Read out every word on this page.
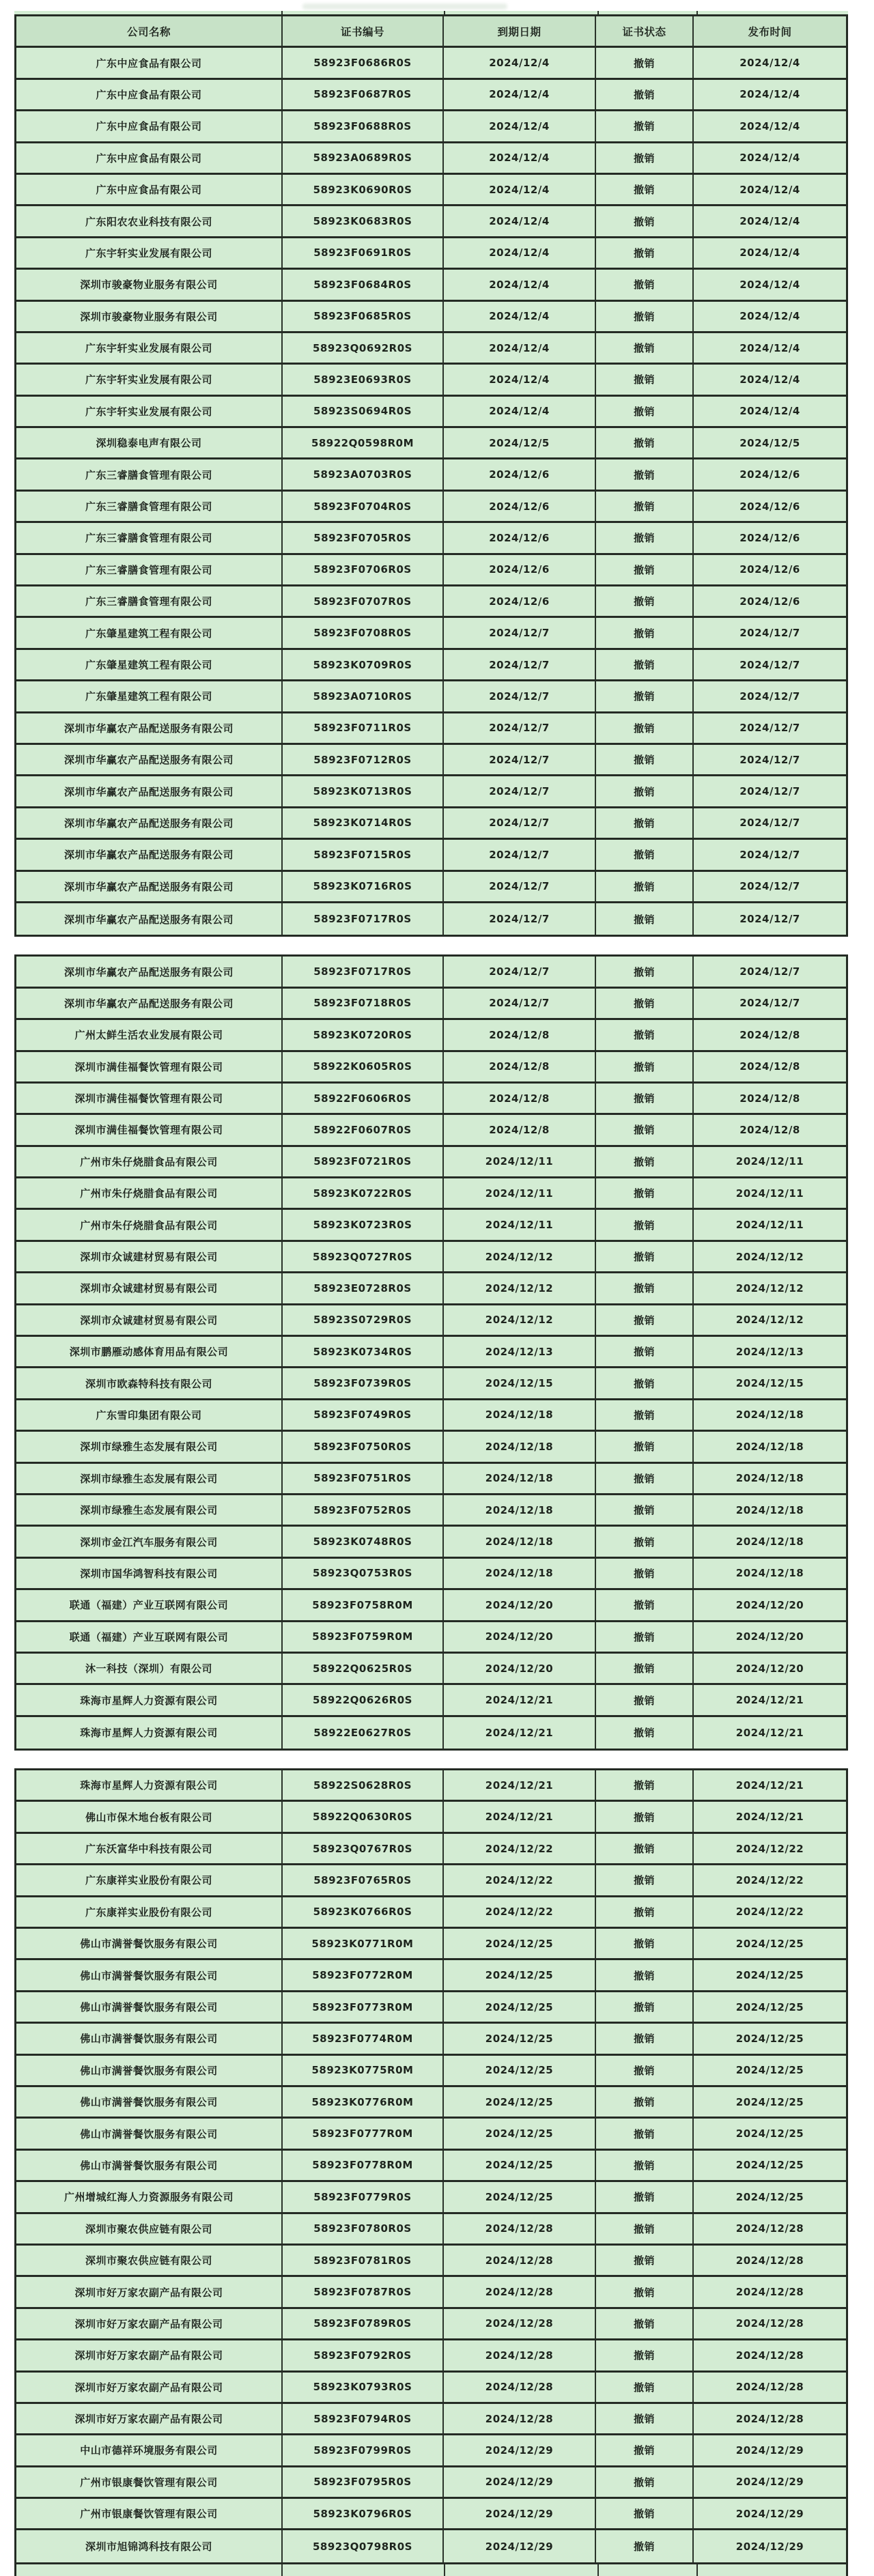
公司名称	证书编号	到期日期	证书状态	发布时间
广东中应食品有限公司	58923F0686R0S	2024/12/4	撤销	2024/12/4
广东中应食品有限公司	58923F0687R0S	2024/12/4	撤销	2024/12/4
广东中应食品有限公司	58923F0688R0S	2024/12/4	撤销	2024/12/4
广东中应食品有限公司	58923A0689R0S	2024/12/4	撤销	2024/12/4
广东中应食品有限公司	58923K0690R0S	2024/12/4	撤销	2024/12/4
广东阳农农业科技有限公司	58923K0683R0S	2024/12/4	撤销	2024/12/4
广东宇轩实业发展有限公司	58923F0691R0S	2024/12/4	撤销	2024/12/4
深圳市骏豪物业服务有限公司	58923F0684R0S	2024/12/4	撤销	2024/12/4
深圳市骏豪物业服务有限公司	58923F0685R0S	2024/12/4	撤销	2024/12/4
广东宇轩实业发展有限公司	58923Q0692R0S	2024/12/4	撤销	2024/12/4
广东宇轩实业发展有限公司	58923E0693R0S	2024/12/4	撤销	2024/12/4
广东宇轩实业发展有限公司	58923S0694R0S	2024/12/4	撤销	2024/12/4
深圳稳泰电声有限公司	58922Q0598R0M	2024/12/5	撤销	2024/12/5
广东三睿膳食管理有限公司	58923A0703R0S	2024/12/6	撤销	2024/12/6
广东三睿膳食管理有限公司	58923F0704R0S	2024/12/6	撤销	2024/12/6
广东三睿膳食管理有限公司	58923F0705R0S	2024/12/6	撤销	2024/12/6
广东三睿膳食管理有限公司	58923F0706R0S	2024/12/6	撤销	2024/12/6
广东三睿膳食管理有限公司	58923F0707R0S	2024/12/6	撤销	2024/12/6
广东肇星建筑工程有限公司	58923F0708R0S	2024/12/7	撤销	2024/12/7
广东肇星建筑工程有限公司	58923K0709R0S	2024/12/7	撤销	2024/12/7
广东肇星建筑工程有限公司	58923A0710R0S	2024/12/7	撤销	2024/12/7
深圳市华赢农产品配送服务有限公司	58923F0711R0S	2024/12/7	撤销	2024/12/7
深圳市华赢农产品配送服务有限公司	58923F0712R0S	2024/12/7	撤销	2024/12/7
深圳市华赢农产品配送服务有限公司	58923K0713R0S	2024/12/7	撤销	2024/12/7
深圳市华赢农产品配送服务有限公司	58923K0714R0S	2024/12/7	撤销	2024/12/7
深圳市华赢农产品配送服务有限公司	58923F0715R0S	2024/12/7	撤销	2024/12/7
深圳市华赢农产品配送服务有限公司	58923K0716R0S	2024/12/7	撤销	2024/12/7
深圳市华赢农产品配送服务有限公司	58923F0717R0S	2024/12/7	撤销	2024/12/7
深圳市华赢农产品配送服务有限公司	58923F0717R0S	2024/12/7	撤销	2024/12/7
深圳市华赢农产品配送服务有限公司	58923F0718R0S	2024/12/7	撤销	2024/12/7
广州太鲜生活农业发展有限公司	58923K0720R0S	2024/12/8	撤销	2024/12/8
深圳市满佳福餐饮管理有限公司	58922K0605R0S	2024/12/8	撤销	2024/12/8
深圳市满佳福餐饮管理有限公司	58922F0606R0S	2024/12/8	撤销	2024/12/8
深圳市满佳福餐饮管理有限公司	58922F0607R0S	2024/12/8	撤销	2024/12/8
广州市朱仔烧腊食品有限公司	58923F0721R0S	2024/12/11	撤销	2024/12/11
广州市朱仔烧腊食品有限公司	58923K0722R0S	2024/12/11	撤销	2024/12/11
广州市朱仔烧腊食品有限公司	58923K0723R0S	2024/12/11	撤销	2024/12/11
深圳市众诚建材贸易有限公司	58923Q0727R0S	2024/12/12	撤销	2024/12/12
深圳市众诚建材贸易有限公司	58923E0728R0S	2024/12/12	撤销	2024/12/12
深圳市众诚建材贸易有限公司	58923S0729R0S	2024/12/12	撤销	2024/12/12
深圳市鹏雁动感体育用品有限公司	58923K0734R0S	2024/12/13	撤销	2024/12/13
深圳市欧森特科技有限公司	58923F0739R0S	2024/12/15	撤销	2024/12/15
广东雪印集团有限公司	58923F0749R0S	2024/12/18	撤销	2024/12/18
深圳市绿雅生态发展有限公司	58923F0750R0S	2024/12/18	撤销	2024/12/18
深圳市绿雅生态发展有限公司	58923F0751R0S	2024/12/18	撤销	2024/12/18
深圳市绿雅生态发展有限公司	58923F0752R0S	2024/12/18	撤销	2024/12/18
深圳市金江汽车服务有限公司	58923K0748R0S	2024/12/18	撤销	2024/12/18
深圳市国华鸿智科技有限公司	58923Q0753R0S	2024/12/18	撤销	2024/12/18
联通（福建）产业互联网有限公司	58923F0758R0M	2024/12/20	撤销	2024/12/20
联通（福建）产业互联网有限公司	58923F0759R0M	2024/12/20	撤销	2024/12/20
沐一科技（深圳）有限公司	58922Q0625R0S	2024/12/20	撤销	2024/12/20
珠海市星辉人力资源有限公司	58922Q0626R0S	2024/12/21	撤销	2024/12/21
珠海市星辉人力资源有限公司	58922E0627R0S	2024/12/21	撤销	2024/12/21
珠海市星辉人力资源有限公司	58922S0628R0S	2024/12/21	撤销	2024/12/21
佛山市保木地台板有限公司	58922Q0630R0S	2024/12/21	撤销	2024/12/21
广东沃富华中科技有限公司	58923Q0767R0S	2024/12/22	撤销	2024/12/22
广东康祥实业股份有限公司	58923F0765R0S	2024/12/22	撤销	2024/12/22
广东康祥实业股份有限公司	58923K0766R0S	2024/12/22	撤销	2024/12/22
佛山市满誉餐饮服务有限公司	58923K0771R0M	2024/12/25	撤销	2024/12/25
佛山市满誉餐饮服务有限公司	58923F0772R0M	2024/12/25	撤销	2024/12/25
佛山市满誉餐饮服务有限公司	58923F0773R0M	2024/12/25	撤销	2024/12/25
佛山市满誉餐饮服务有限公司	58923F0774R0M	2024/12/25	撤销	2024/12/25
佛山市满誉餐饮服务有限公司	58923K0775R0M	2024/12/25	撤销	2024/12/25
佛山市满誉餐饮服务有限公司	58923K0776R0M	2024/12/25	撤销	2024/12/25
佛山市满誉餐饮服务有限公司	58923F0777R0M	2024/12/25	撤销	2024/12/25
佛山市满誉餐饮服务有限公司	58923F0778R0M	2024/12/25	撤销	2024/12/25
广州增城红海人力资源服务有限公司	58923F0779R0S	2024/12/25	撤销	2024/12/25
深圳市聚农供应链有限公司	58923F0780R0S	2024/12/28	撤销	2024/12/28
深圳市聚农供应链有限公司	58923F0781R0S	2024/12/28	撤销	2024/12/28
深圳市好万家农副产品有限公司	58923F0787R0S	2024/12/28	撤销	2024/12/28
深圳市好万家农副产品有限公司	58923F0789R0S	2024/12/28	撤销	2024/12/28
深圳市好万家农副产品有限公司	58923F0792R0S	2024/12/28	撤销	2024/12/28
深圳市好万家农副产品有限公司	58923K0793R0S	2024/12/28	撤销	2024/12/28
深圳市好万家农副产品有限公司	58923F0794R0S	2024/12/28	撤销	2024/12/28
中山市德祥环境服务有限公司	58923F0799R0S	2024/12/29	撤销	2024/12/29
广州市银康餐饮管理有限公司	58923F0795R0S	2024/12/29	撤销	2024/12/29
广州市银康餐饮管理有限公司	58923K0796R0S	2024/12/29	撤销	2024/12/29
深圳市旭锦鸿科技有限公司	58923Q0798R0S	2024/12/29	撤销	2024/12/29
